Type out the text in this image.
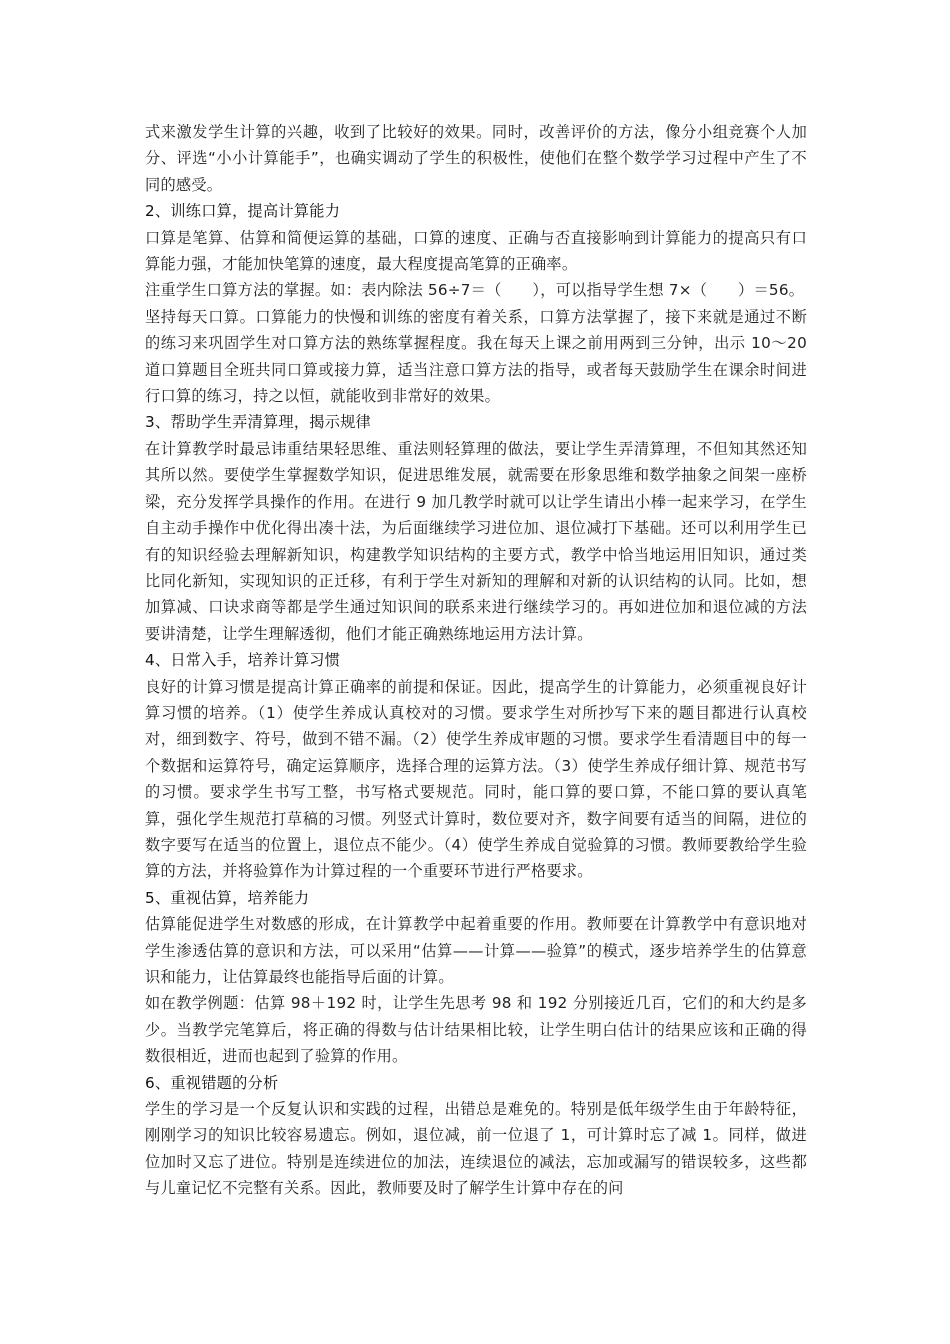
式来激发学生计算的兴趣，收到了比较好的效果。同时，改善评价的方法，像分小组竞赛个人加分、评选“小小计算能手”，也确实调动了学生的积极性，使他们在整个数学学习过程中产生了不同的感受。

2、训练口算，提高计算能力

口算是笔算、估算和简便运算的基础，口算的速度、正确与否直接影响到计算能力的提高只有口算能力强，才能加快笔算的速度，最大程度提高笔算的正确率。

注重学生口算方法的掌握。如：表内除法 56÷7＝（　　），可以指导学生想 7×（　　）＝56。

坚持每天口算。口算能力的快慢和训练的密度有着关系，口算方法掌握了，接下来就是通过不断的练习来巩固学生对口算方法的熟练掌握程度。我在每天上课之前用两到三分钟，出示 10～20 道口算题目全班共同口算或接力算，适当注意口算方法的指导，或者每天鼓励学生在课余时间进行口算的练习，持之以恒，就能收到非常好的效果。

3、帮助学生弄清算理，揭示规律

在计算教学时最忌讳重结果轻思维、重法则轻算理的做法，要让学生弄清算理，不但知其然还知其所以然。要使学生掌握数学知识，促进思维发展，就需要在形象思维和数学抽象之间架一座桥梁，充分发挥学具操作的作用。在进行 9 加几教学时就可以让学生请出小棒一起来学习，在学生自主动手操作中优化得出凑十法，为后面继续学习进位加、退位减打下基础。还可以利用学生已有的知识经验去理解新知识，构建教学知识结构的主要方式，教学中恰当地运用旧知识，通过类比同化新知，实现知识的正迁移，有利于学生对新知的理解和对新的认识结构的认同。比如，想加算减、口诀求商等都是学生通过知识间的联系来进行继续学习的。再如进位加和退位减的方法要讲清楚，让学生理解透彻，他们才能正确熟练地运用方法计算。

4、日常入手，培养计算习惯

良好的计算习惯是提高计算正确率的前提和保证。因此，提高学生的计算能力，必须重视良好计算习惯的培养。（1）使学生养成认真校对的习惯。要求学生对所抄写下来的题目都进行认真校对，细到数字、符号，做到不错不漏。（2）使学生养成审题的习惯。要求学生看清题目中的每一个数据和运算符号，确定运算顺序，选择合理的运算方法。（3）使学生养成仔细计算、规范书写的习惯。要求学生书写工整，书写格式要规范。同时，能口算的要口算，不能口算的要认真笔算，强化学生规范打草稿的习惯。列竖式计算时，数位要对齐，数字间要有适当的间隔，进位的数字要写在适当的位置上，退位点不能少。（4）使学生养成自觉验算的习惯。教师要教给学生验算的方法，并将验算作为计算过程的一个重要环节进行严格要求。

5、重视估算，培养能力

估算能促进学生对数感的形成，在计算教学中起着重要的作用。教师要在计算教学中有意识地对学生渗透估算的意识和方法，可以采用“估算——计算——验算”的模式，逐步培养学生的估算意识和能力，让估算最终也能指导后面的计算。

如在教学例题：估算 98＋192 时，让学生先思考 98 和 192 分别接近几百，它们的和大约是多少。当教学完笔算后，将正确的得数与估计结果相比较，让学生明白估计的结果应该和正确的得数很相近，进而也起到了验算的作用。

6、重视错题的分析

学生的学习是一个反复认识和实践的过程，出错总是难免的。特别是低年级学生由于年龄特征，刚刚学习的知识比较容易遗忘。例如，退位减，前一位退了 1，可计算时忘了减 1。同样，做进位加时又忘了进位。特别是连续进位的加法，连续退位的减法，忘加或漏写的错误较多，这些都与儿童记忆不完整有关系。因此，教师要及时了解学生计算中存在的问
